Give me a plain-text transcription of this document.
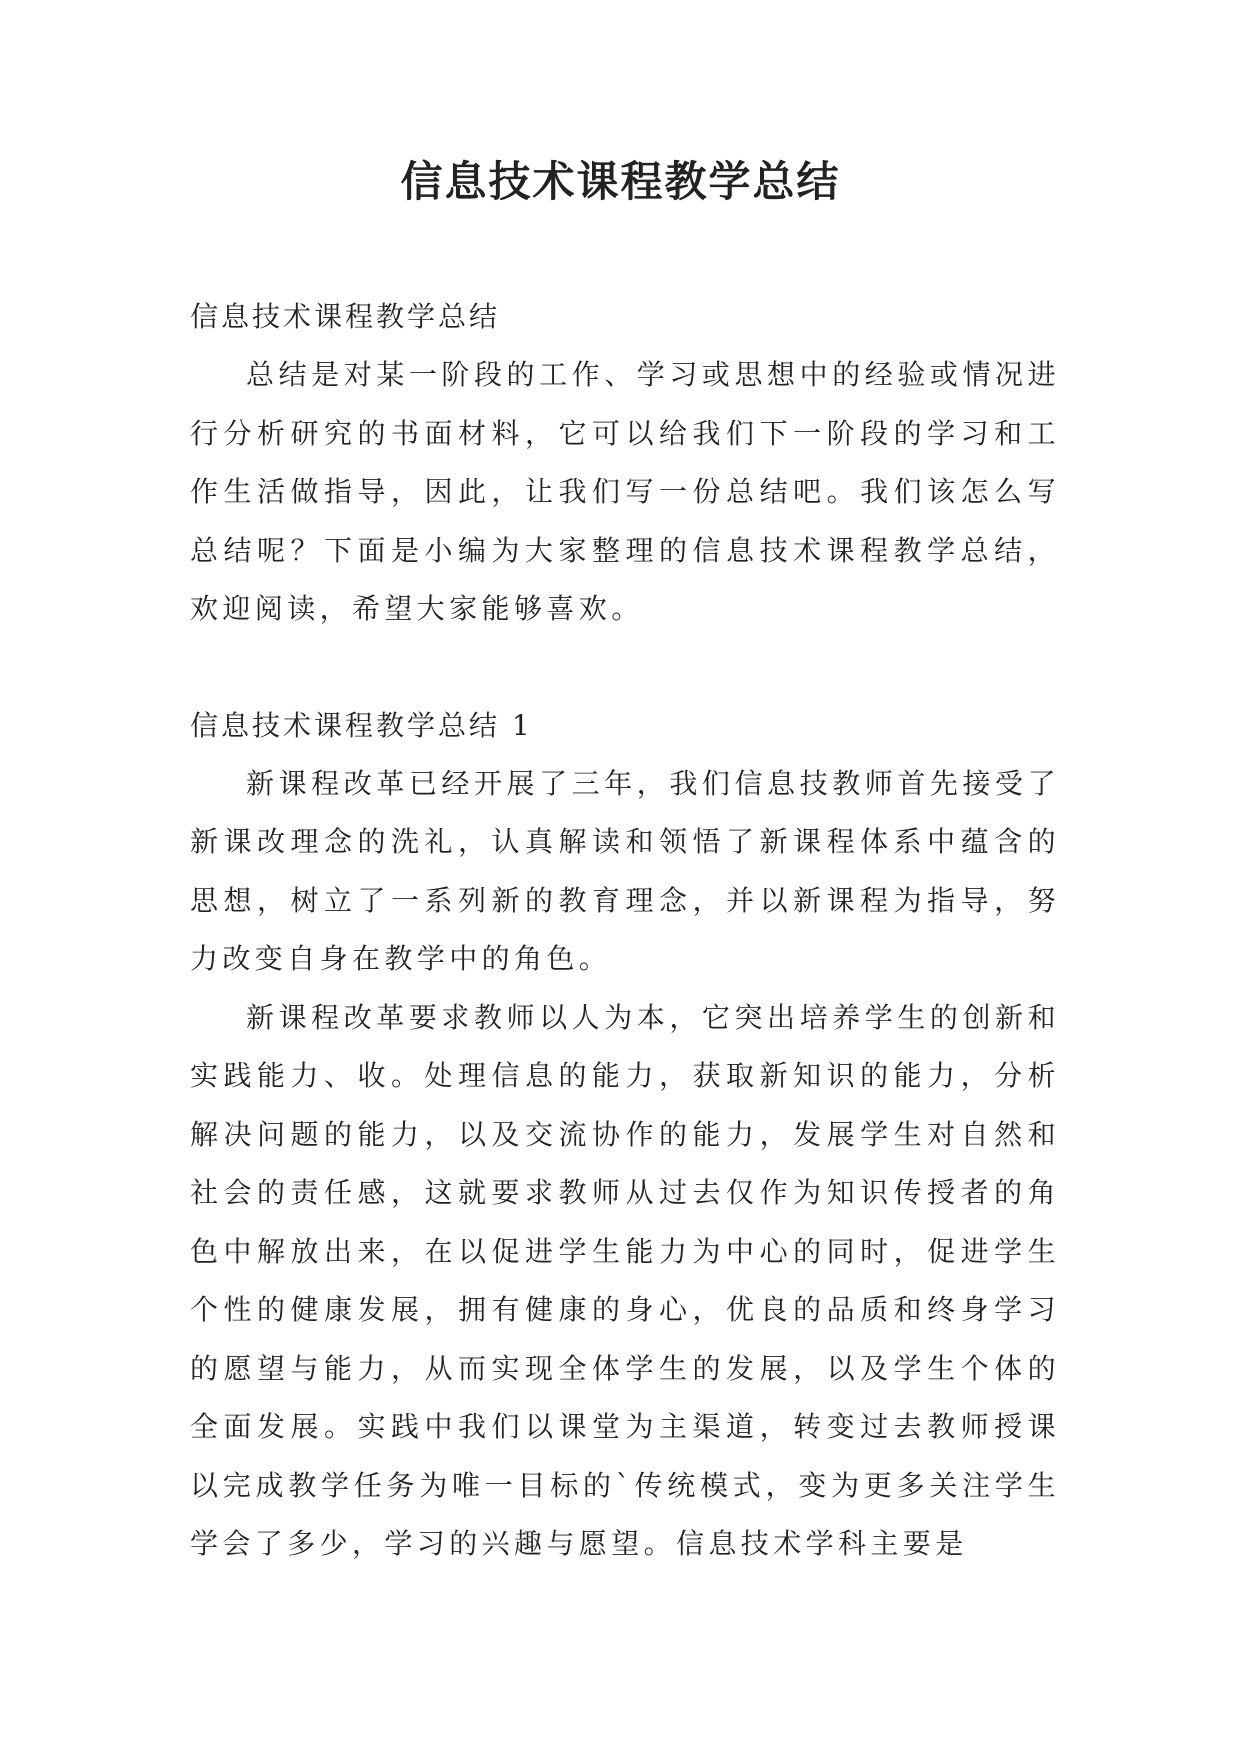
信息技术课程教学总结

信息技术课程教学总结

总结是对某一阶段的工作、学习或思想中的经验或情况进行分析研究的书面材料，它可以给我们下一阶段的学习和工作生活做指导，因此，让我们写一份总结吧。我们该怎么写总结呢？下面是小编为大家整理的信息技术课程教学总结，欢迎阅读，希望大家能够喜欢。

信息技术课程教学总结 1

新课程改革已经开展了三年，我们信息技教师首先接受了新课改理念的洗礼，认真解读和领悟了新课程体系中蕴含的思想，树立了一系列新的教育理念，并以新课程为指导，努力改变自身在教学中的角色。

新课程改革要求教师以人为本，它突出培养学生的创新和实践能力、收。处理信息的能力，获取新知识的能力，分析解决问题的能力，以及交流协作的能力，发展学生对自然和社会的责任感，这就要求教师从过去仅作为知识传授者的角色中解放出来，在以促进学生能力为中心的同时，促进学生个性的健康发展，拥有健康的身心，优良的品质和终身学习的愿望与能力，从而实现全体学生的发展，以及学生个体的全面发展。实践中我们以课堂为主渠道，转变过去教师授课以完成教学任务为唯一目标的`传统模式，变为更多关注学生学会了多少，学习的兴趣与愿望。信息技术学科主要是
